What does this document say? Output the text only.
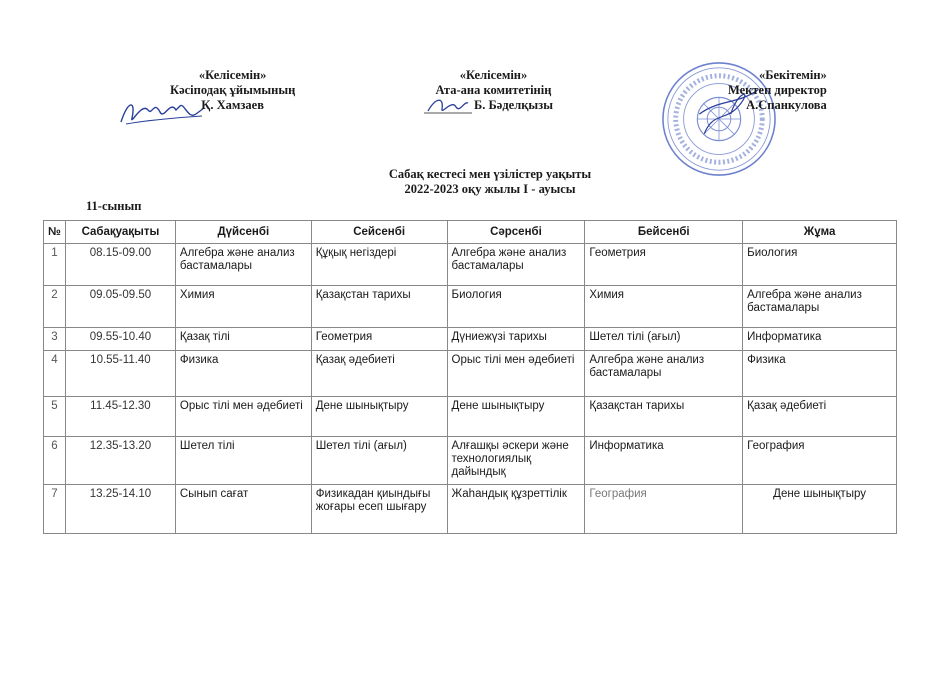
«Келісемін»
Кәсіподақ ұйымының
Қ. Хамзаев
«Келісемін»
Ата-ана комитетінің
Б. Бәделқызы
«Бекітемін»
Мектеп директор
А.Спанкулова
Сабақ кестесі мен үзілістер уақыты
2022-2023 оқу жылы І - ауысы
11-сынып
№	Сабақуақыты	Дүйсенбі	Сейсенбі	Сәрсенбі	Бейсенбі	Жұма
1	08.15-09.00	Алгебра және анализ бастамалары	Құқық негіздері	Алгебра және анализ бастамалары	Геометрия	Биология
2	09.05-09.50	Химия	Қазақстан тарихы	Биология	Химия	Алгебра және анализ бастамалары
3	09.55-10.40	Қазақ тілі	Геометрия	Дүниежүзі тарихы	Шетел тілі (ағыл)	Информатика
4	10.55-11.40	Физика	Қазақ әдебиеті	Орыс тілі мен әдебиеті	Алгебра және анализ бастамалары	Физика
5	11.45-12.30	Орыс тілі мен әдебиеті	Дене шынықтыру	Дене шынықтыру	Қазақстан тарихы	Қазақ әдебиеті
6	12.35-13.20	Шетел тілі	Шетел тілі (ағыл)	Алғашқы әскери және технологиялық дайындық	Информатика	География
7	13.25-14.10	Сынып сағат	Физикадан қиындығы жоғары есеп шығару	Жаһандық құзреттілік	География	Дене шынықтыру
